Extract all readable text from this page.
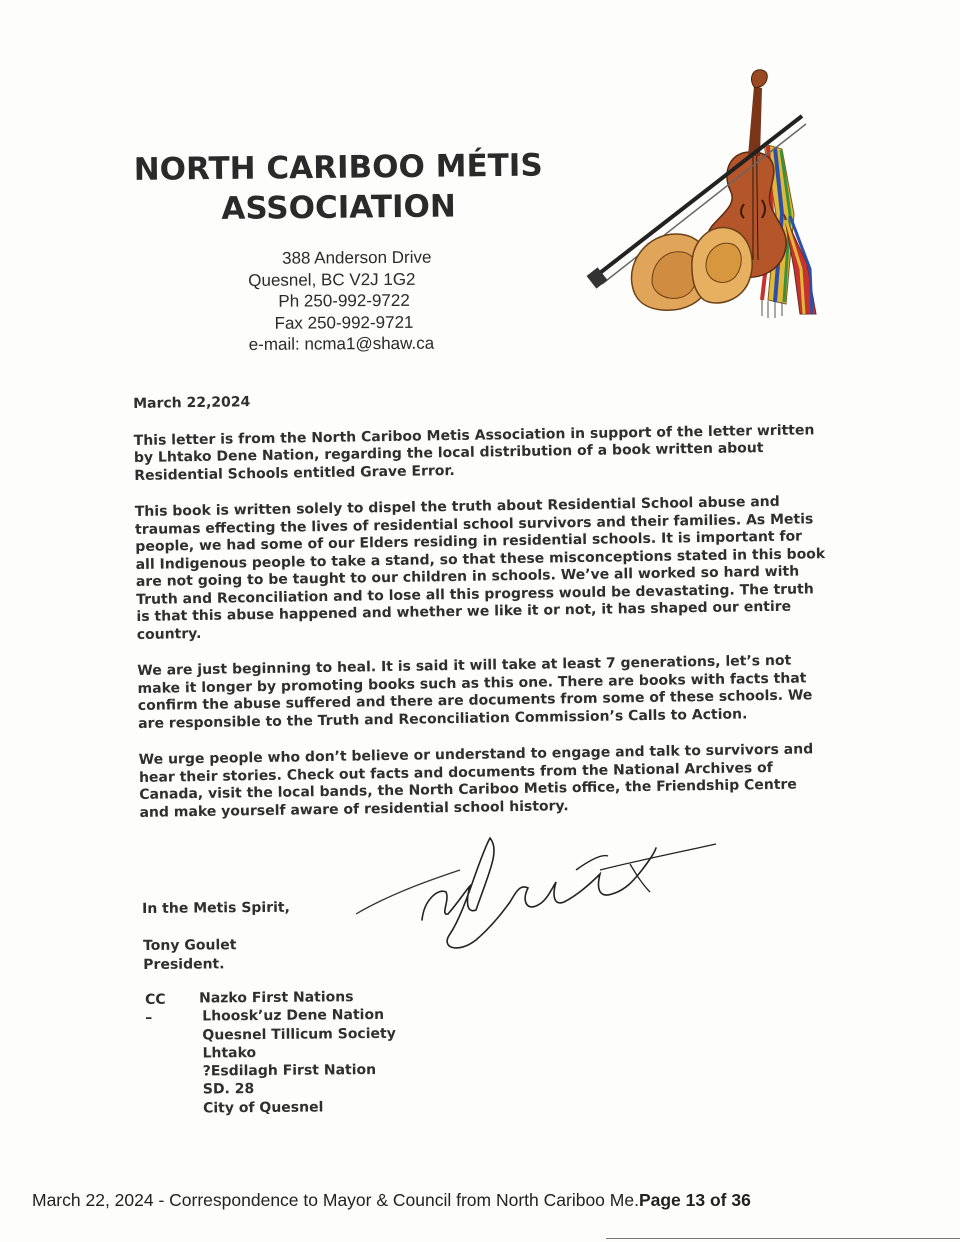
NORTH CARIBOO MÉTIS
ASSOCIATION
388 Anderson Drive
Quesnel, BC V2J 1G2
Ph 250-992-9722
Fax 250-992-9721
e-mail: ncma1@shaw.ca
March 22,2024

This letter is from the North Cariboo Metis Association in support of the letter written by Lhtako Dene Nation, regarding the local distribution of a book written about Residential Schools entitled Grave Error.

This book is written solely to dispel the truth about Residential School abuse and traumas effecting the lives of residential school survivors and their families. As Metis people, we had some of our Elders residing in residential schools. It is important for all Indigenous people to take a stand, so that these misconceptions stated in this book are not going to be taught to our children in schools. We’ve all worked so hard with Truth and Reconciliation and to lose all this progress would be devastating. The truth is that this abuse happened and whether we like it or not, it has shaped our entire country.

We are just beginning to heal. It is said it will take at least 7 generations, let’s not make it longer by promoting books such as this one. There are books with facts that confirm the abuse suffered and there are documents from some of these schools. We are responsible to the Truth and Reconciliation Commission’s Calls to Action.

We urge people who don’t believe or understand to engage and talk to survivors and hear their stories. Check out facts and documents from the National Archives of Canada, visit the local bands, the North Cariboo Metis office, the Friendship Centre and make yourself aware of residential school history.

In the Metis Spirit,
Tony Goulet
President.
CC –
Nazko First Nations
Lhoosk’uz Dene Nation
Quesnel Tillicum Society
Lhtako
?Esdilagh First Nation
SD. 28
City of Quesnel
March 22, 2024 - Correspondence to Mayor & Council from North Cariboo Me.Page 13 of 36
